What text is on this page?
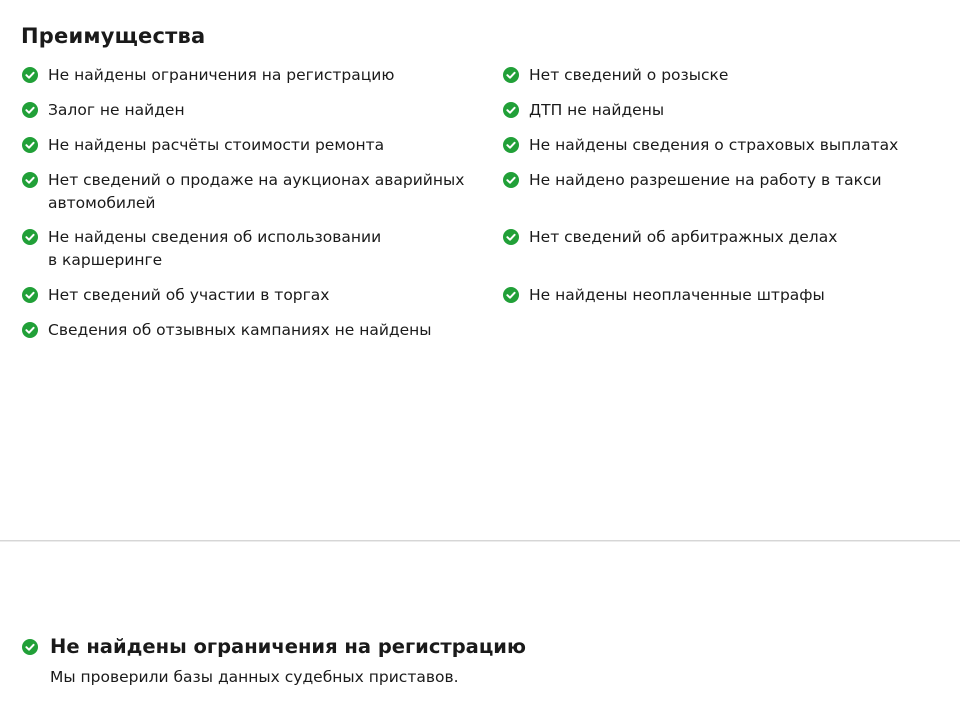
Преимущества
Не найдены ограничения на регистрацию
Залог не найден
Не найдены расчёты стоимости ремонта
Нет сведений о продаже на аукционах аварийных
автомобилей
Не найдены сведения об использовании
в каршеринге
Нет сведений об участии в торгах
Сведения об отзывных кампаниях не найдены
Нет сведений о розыске
ДТП не найдены
Не найдены сведения о страховых выплатах
Не найдено разрешение на работу в такси
Нет сведений об арбитражных делах
Не найдены неоплаченные штрафы
Не найдены ограничения на регистрацию
Мы проверили базы данных судебных приставов.
